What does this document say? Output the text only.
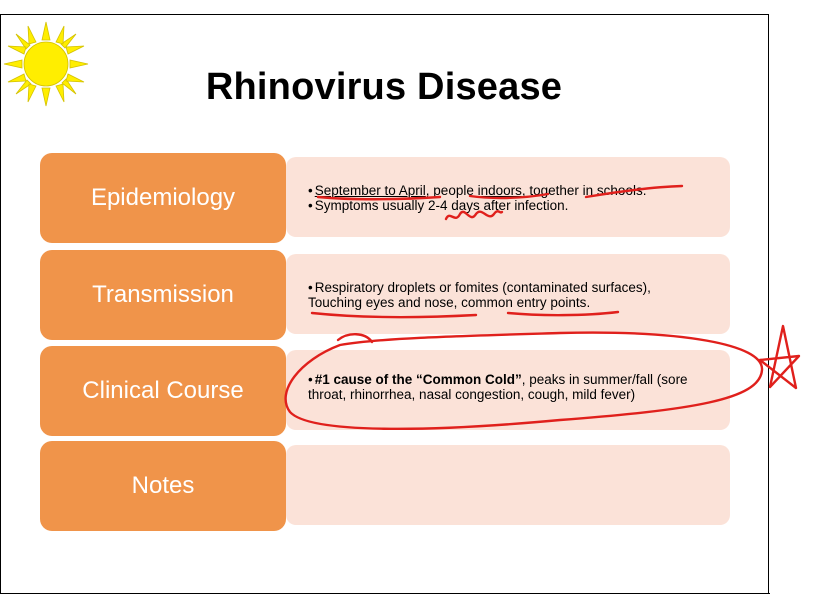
Rhinovirus Disease
Epidemiology	• September to April, people indoors, together in schools.
• Symptoms usually 2-4 days after infection.
Transmission	• Respiratory droplets or fomites (contaminated surfaces),
Touching eyes and nose, common entry points.
Clinical Course	• #1 cause of the “Common Cold”, peaks in summer/fall (sore throat, rhinorrhea, nasal congestion, cough, mild fever)
Notes
